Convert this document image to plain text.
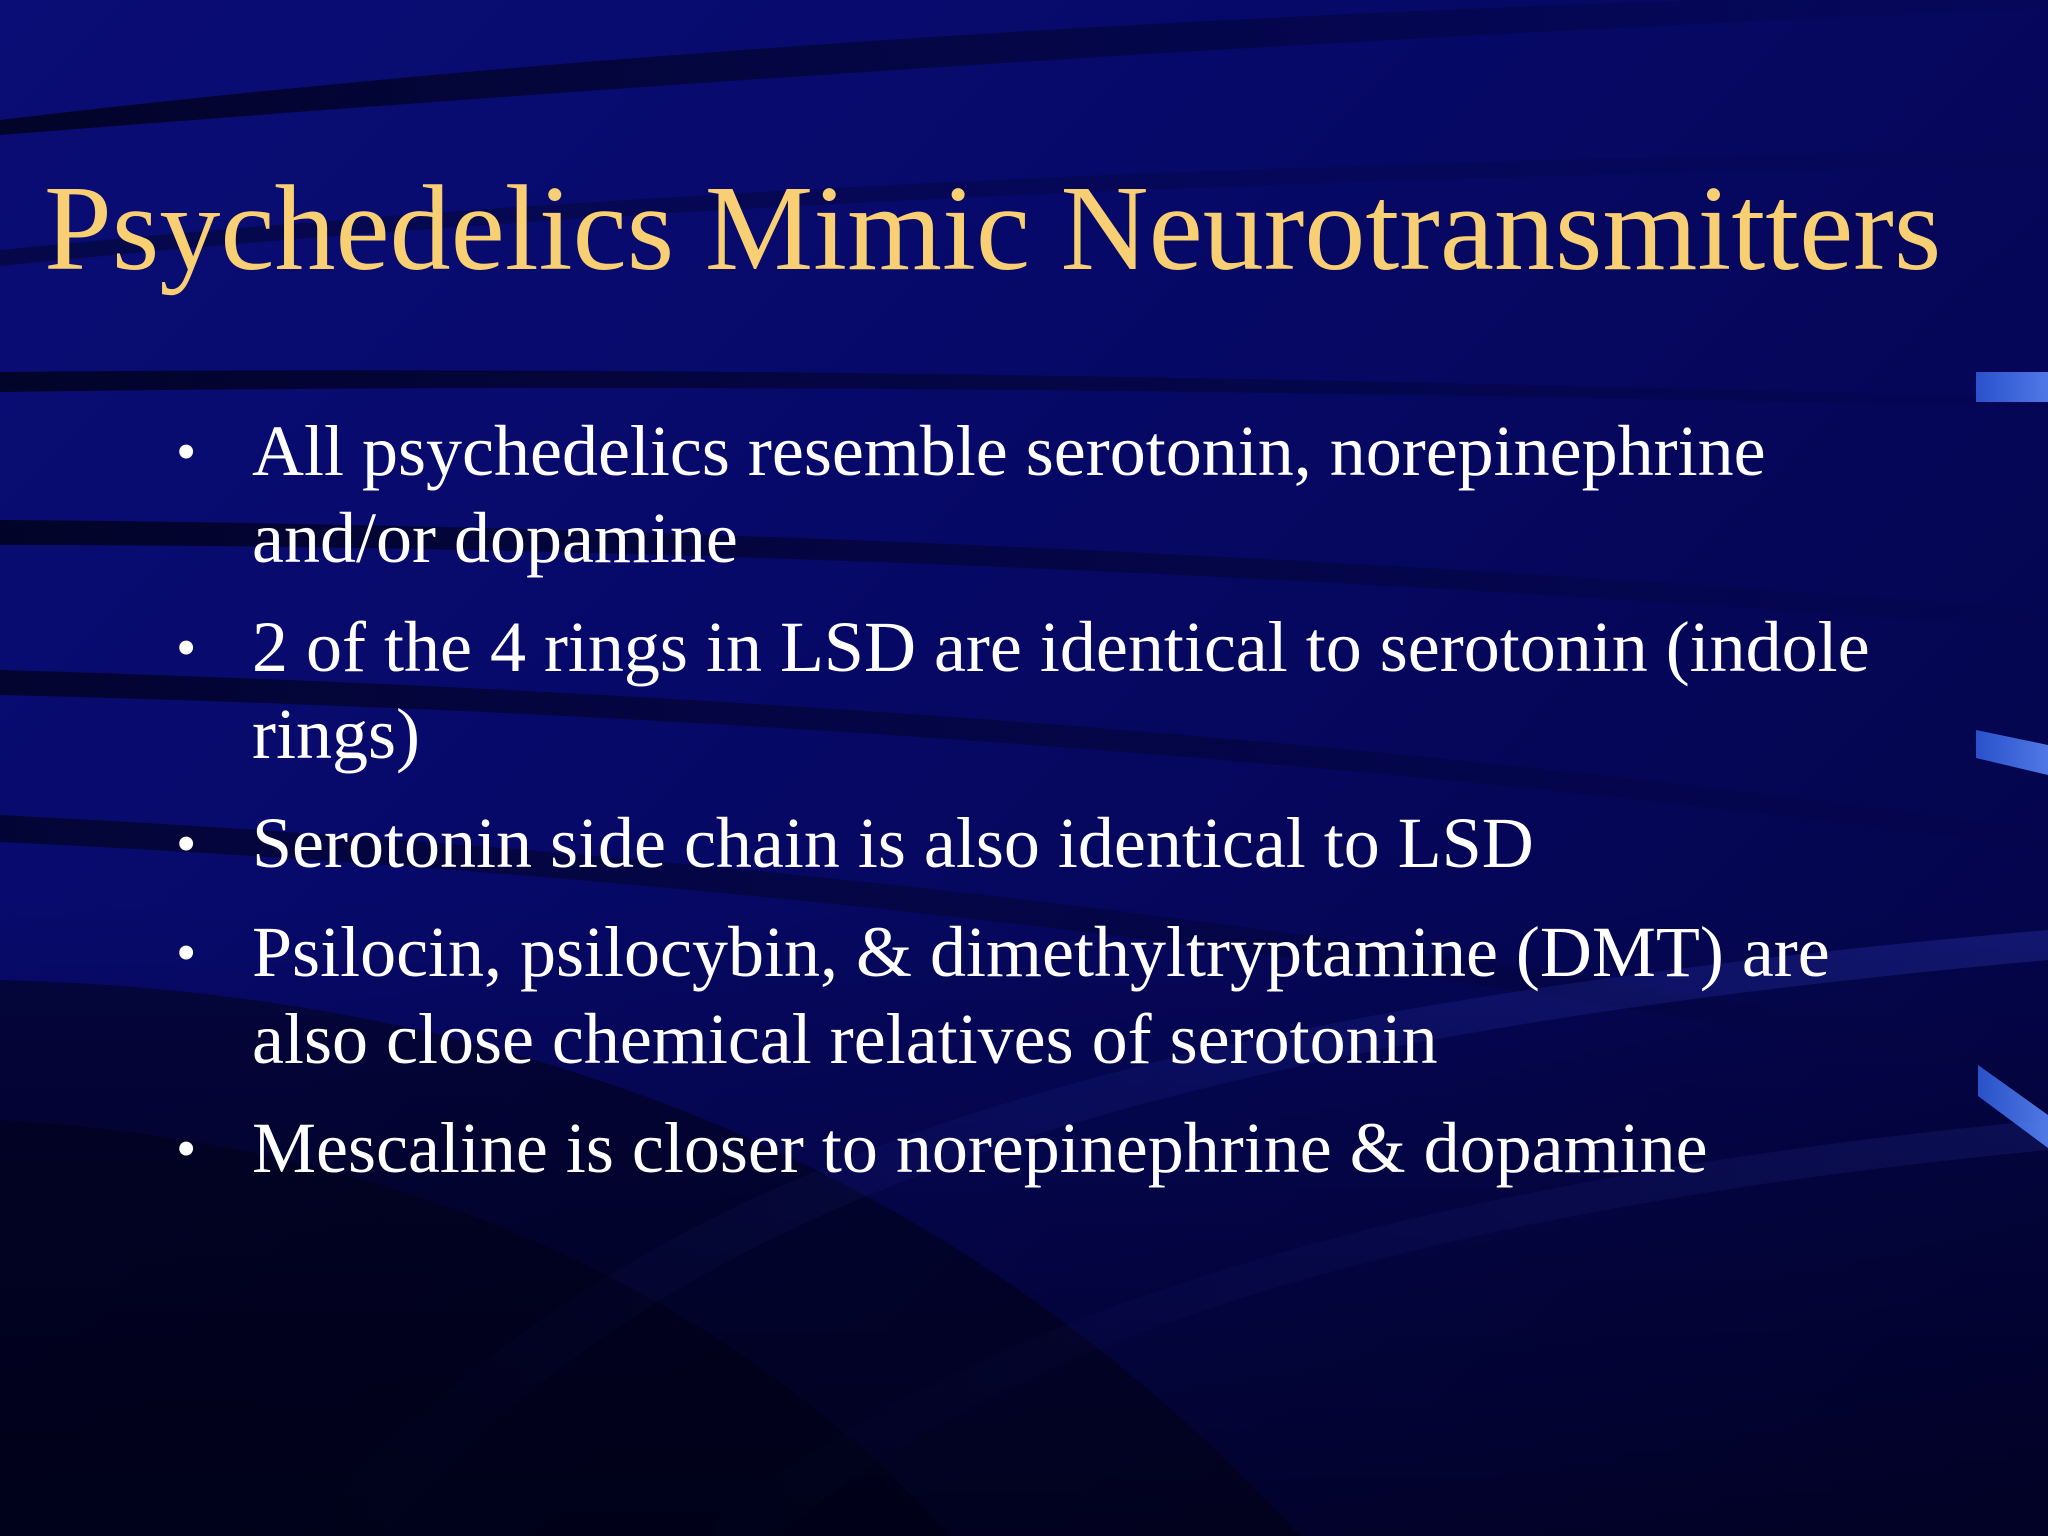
Psychedelics Mimic Neurotransmitters
• All psychedelics resemble serotonin, norepinephrine and/or dopamine
• 2 of the 4 rings in LSD are identical to serotonin (indole rings)
• Serotonin side chain is also identical to LSD
• Psilocin, psilocybin, & dimethyltryptamine (DMT) are also close chemical relatives of serotonin
• Mescaline is closer to norepinephrine & dopamine
